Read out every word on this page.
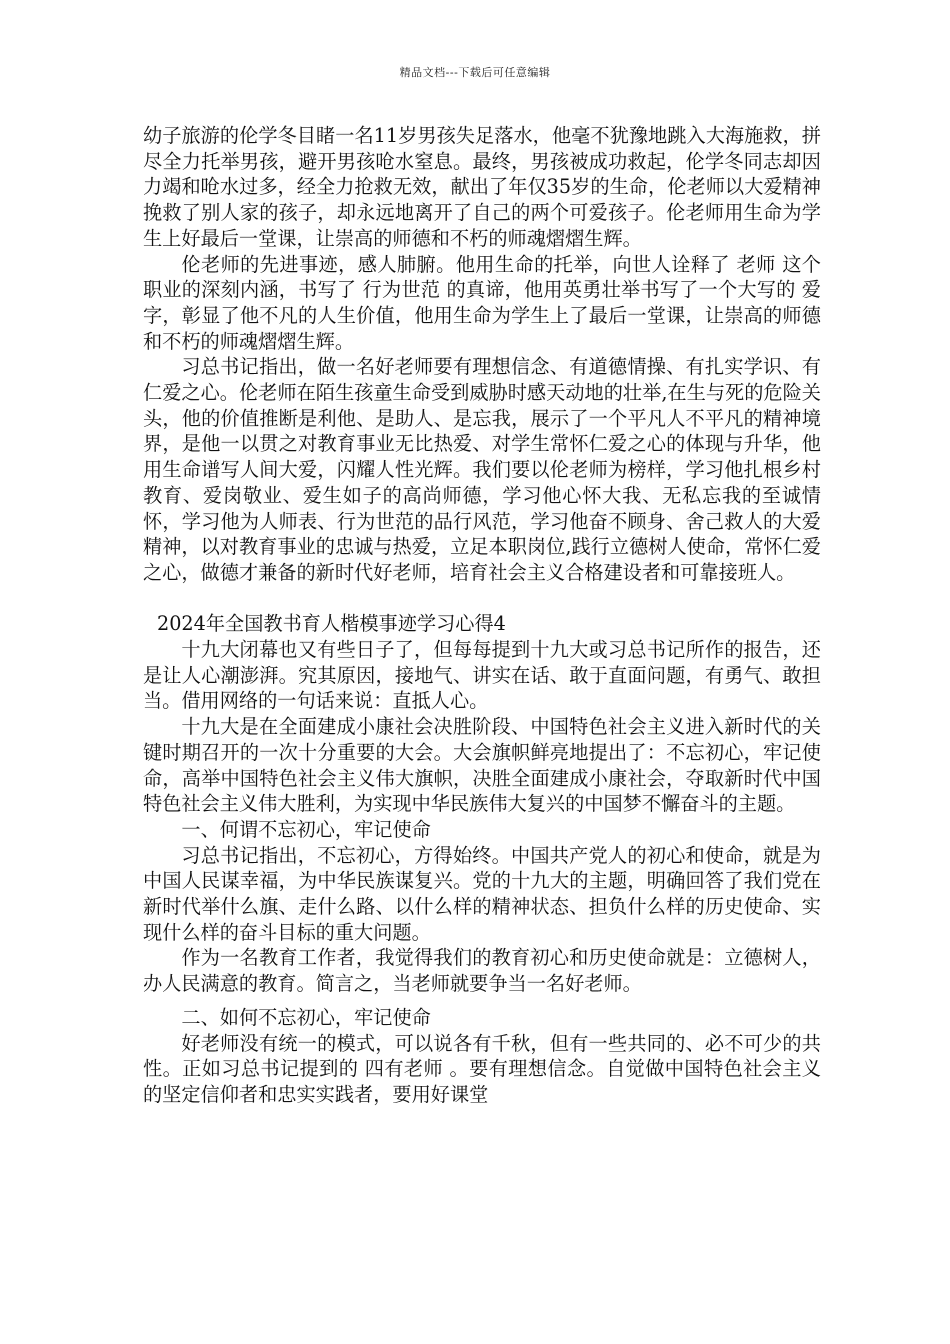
精品文档---下载后可任意编辑

幼子旅游的伦学冬目睹一名11岁男孩失足落水，他毫不犹豫地跳入大海施救，拼尽全力托举男孩，避开男孩呛水窒息。最终，男孩被成功救起，伦学冬同志却因力竭和呛水过多，经全力抢救无效，献出了年仅35岁的生命，伦老师以大爱精神挽救了别人家的孩子，却永远地离开了自己的两个可爱孩子。伦老师用生命为学生上好最后一堂课，让崇高的师德和不朽的师魂熠熠生辉。

伦老师的先进事迹，感人肺腑。他用生命的托举，向世人诠释了 老师 这个职业的深刻内涵，书写了 行为世范 的真谛，他用英勇壮举书写了一个大写的 爱 字，彰显了他不凡的人生价值，他用生命为学生上了最后一堂课，让崇高的师德和不朽的师魂熠熠生辉。

习总书记指出，做一名好老师要有理想信念、有道德情操、有扎实学识、有仁爱之心。伦老师在陌生孩童生命受到威胁时感天动地的壮举,在生与死的危险关头，他的价值推断是利他、是助人、是忘我，展示了一个平凡人不平凡的精神境界，是他一以贯之对教育事业无比热爱、对学生常怀仁爱之心的体现与升华，他用生命谱写人间大爱，闪耀人性光辉。我们要以伦老师为榜样，学习他扎根乡村教育、爱岗敬业、爱生如子的高尚师德，学习他心怀大我、无私忘我的至诚情怀，学习他为人师表、行为世范的品行风范，学习他奋不顾身、舍己救人的大爱精神，以对教育事业的忠诚与热爱，立足本职岗位,践行立德树人使命，常怀仁爱之心，做德才兼备的新时代好老师，培育社会主义合格建设者和可靠接班人。

2024年全国教书育人楷模事迹学习心得4

十九大闭幕也又有些日子了，但每每提到十九大或习总书记所作的报告，还是让人心潮澎湃。究其原因，接地气、讲实在话、敢于直面问题，有勇气、敢担当。借用网络的一句话来说：直抵人心。

十九大是在全面建成小康社会决胜阶段、中国特色社会主义进入新时代的关键时期召开的一次十分重要的大会。大会旗帜鲜亮地提出了：不忘初心，牢记使命，高举中国特色社会主义伟大旗帜，决胜全面建成小康社会，夺取新时代中国特色社会主义伟大胜利，为实现中华民族伟大复兴的中国梦不懈奋斗的主题。

一、何谓不忘初心，牢记使命

习总书记指出，不忘初心，方得始终。中国共产党人的初心和使命，就是为中国人民谋幸福，为中华民族谋复兴。党的十九大的主题，明确回答了我们党在新时代举什么旗、走什么路、以什么样的精神状态、担负什么样的历史使命、实现什么样的奋斗目标的重大问题。

作为一名教育工作者，我觉得我们的教育初心和历史使命就是：立德树人，办人民满意的教育。简言之，当老师就要争当一名好老师。

二、如何不忘初心，牢记使命

好老师没有统一的模式，可以说各有千秋，但有一些共同的、必不可少的共性。正如习总书记提到的 四有老师 。要有理想信念。自觉做中国特色社会主义的坚定信仰者和忠实实践者，要用好课堂
